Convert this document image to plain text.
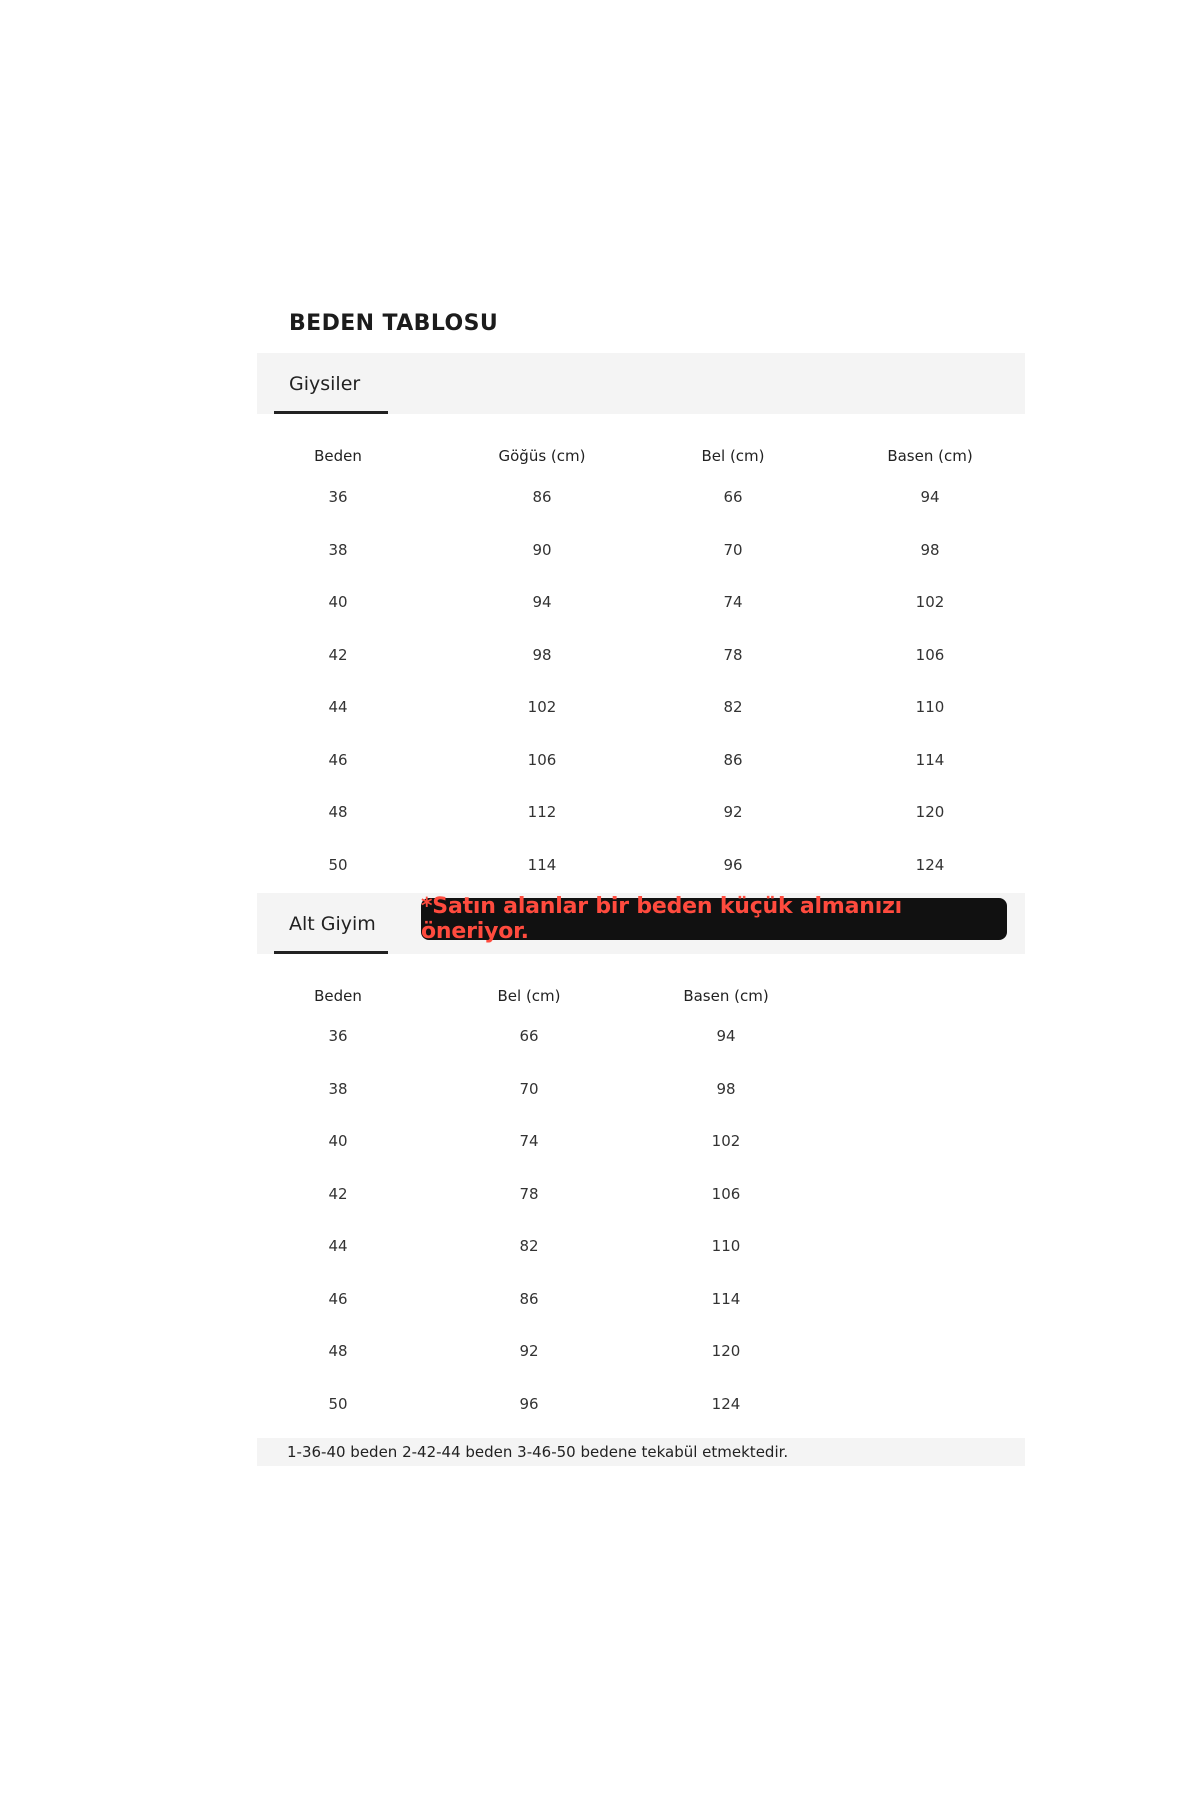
BEDEN TABLOSU
Giysiler
Beden	Göğüs (cm)	Bel (cm)	Basen (cm)
36	86	66	94
38	90	70	98
40	94	74	102
42	98	78	106
44	102	82	110
46	106	86	114
48	112	92	120
50	114	96	124
Alt Giyim
*Satın alanlar bir beden küçük almanızı öneriyor.
Beden	Bel (cm)	Basen (cm)
36	66	94
38	70	98
40	74	102
42	78	106
44	82	110
46	86	114
48	92	120
50	96	124
1-36-40 beden 2-42-44 beden 3-46-50 bedene tekabül etmektedir.
